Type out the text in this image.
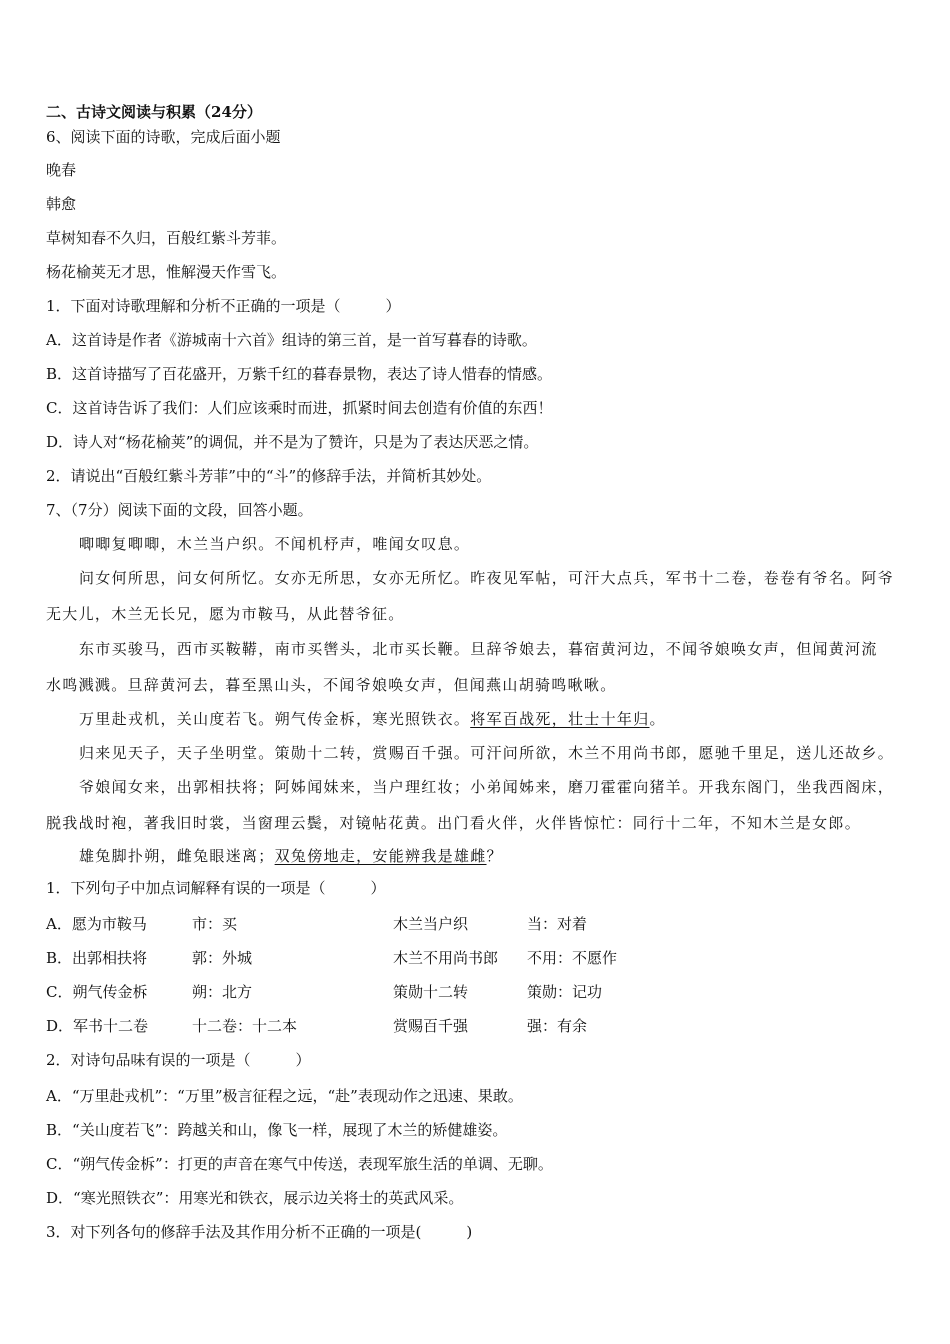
二、古诗文阅读与积累（24分）
6、阅读下面的诗歌，完成后面小题
晚春
韩愈
草树知春不久归，百般红紫斗芳菲。
杨花榆荚无才思，惟解漫天作雪飞。
1．下面对诗歌理解和分析不正确的一项是（　　　）
A．这首诗是作者《游城南十六首》组诗的第三首，是一首写暮春的诗歌。
B．这首诗描写了百花盛开，万紫千红的暮春景物，表达了诗人惜春的情感。
C．这首诗告诉了我们：人们应该乘时而进，抓紧时间去创造有价值的东西！
D．诗人对“杨花榆荚”的调侃，并不是为了赞许，只是为了表达厌恶之情。
2．请说出“百般红紫斗芳菲”中的“斗”的修辞手法，并简析其妙处。
7、（7分）阅读下面的文段，回答小题。
唧唧复唧唧，木兰当户织。不闻机杼声，唯闻女叹息。
问女何所思，问女何所忆。女亦无所思，女亦无所忆。昨夜见军帖，可汗大点兵，军书十二卷，卷卷有爷名。阿爷
无大儿，木兰无长兄，愿为市鞍马，从此替爷征。
东市买骏马，西市买鞍鞯，南市买辔头，北市买长鞭。旦辞爷娘去，暮宿黄河边，不闻爷娘唤女声，但闻黄河流
水鸣溅溅。旦辞黄河去，暮至黑山头，不闻爷娘唤女声，但闻燕山胡骑鸣啾啾。
万里赴戎机，关山度若飞。朔气传金柝，寒光照铁衣。将军百战死，壮士十年归。
归来见天子，天子坐明堂。策勋十二转，赏赐百千强。可汗问所欲，木兰不用尚书郎，愿驰千里足，送儿还故乡。
爷娘闻女来，出郭相扶将；阿姊闻妹来，当户理红妆；小弟闻姊来，磨刀霍霍向猪羊。开我东阁门，坐我西阁床，
脱我战时袍，著我旧时裳，当窗理云鬓，对镜帖花黄。出门看火伴，火伴皆惊忙：同行十二年，不知木兰是女郎。
雄兔脚扑朔，雌兔眼迷离；双兔傍地走，安能辨我是雄雌？
1．下列句子中加点词解释有误的一项是（　　　）
A．愿为市鞍马	市：买	木兰当户织	当：对着
B．出郭相扶将	郭：外城	木兰不用尚书郎 不用：不愿作
C．朔气传金柝	朔：北方	策勋十二转	策勋：记功
D．军书十二卷	十二卷：十二本	赏赐百千强	强：有余
2．对诗句品味有误的一项是（　　　）
A．“万里赴戎机”：“万里”极言征程之远，“赴”表现动作之迅速、果敢。
B．“关山度若飞”：跨越关和山，像飞一样，展现了木兰的矫健雄姿。
C．“朔气传金柝”：打更的声音在寒气中传送，表现军旅生活的单调、无聊。
D．“寒光照铁衣”：用寒光和铁衣，展示边关将士的英武风采。
3．对下列各句的修辞手法及其作用分析不正确的一项是(　　　)
